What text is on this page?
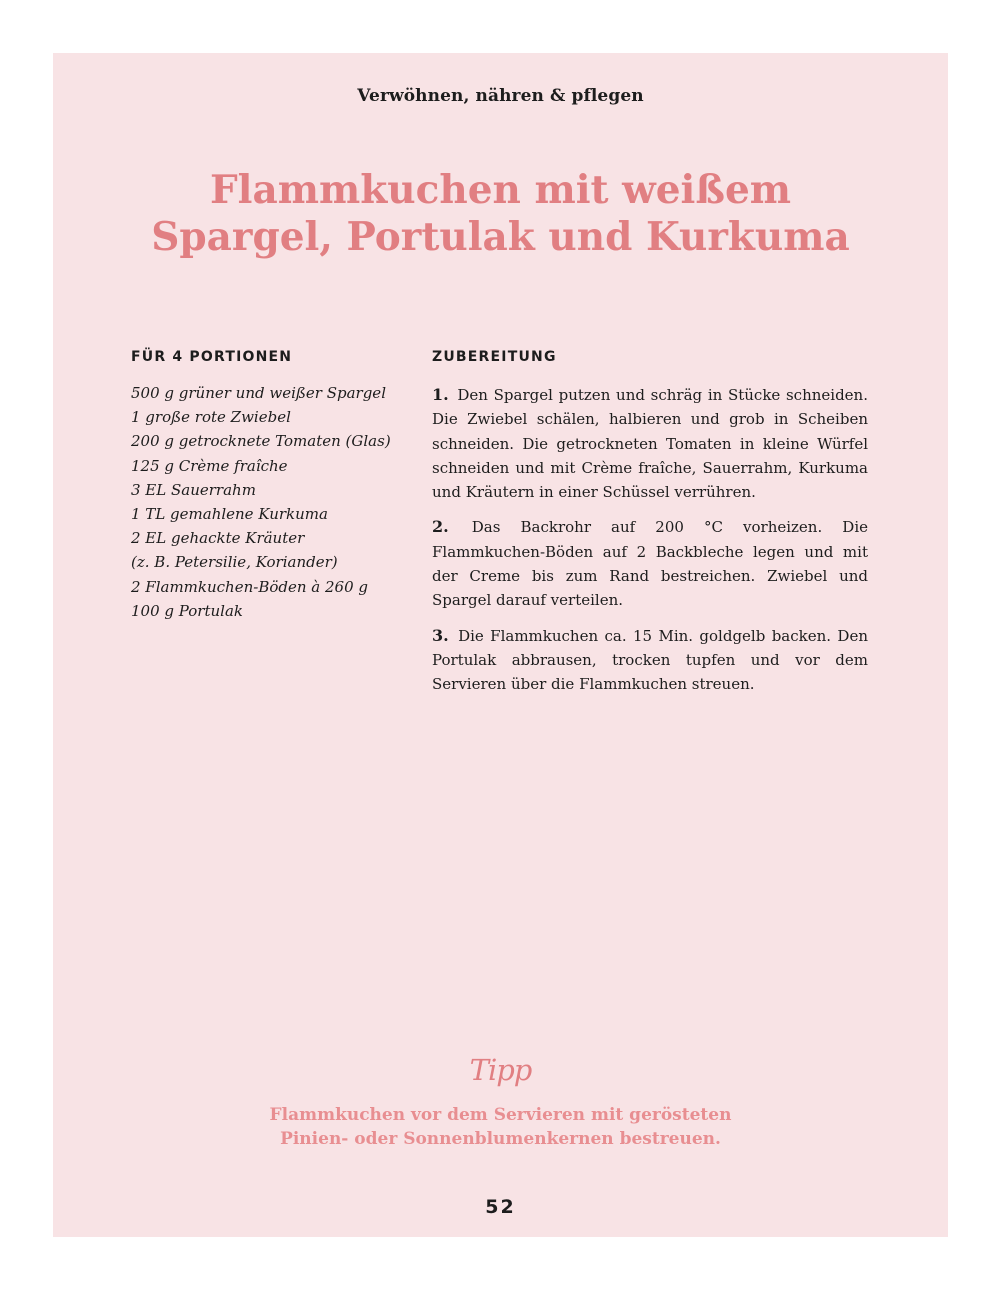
Verwöhnen, nähren & pflegen
Flammkuchen mit weißem
Spargel, Portulak und Kurkuma
FÜR 4 PORTIONEN	ZUBEREITUNG
500 g grüner und weißer Spargel
1 große rote Zwiebel
200 g getrocknete Tomaten (Glas)
125 g Crème fraîche
3 EL Sauerrahm
1 TL gemahlene Kurkuma
2 EL gehackte Kräuter
(z. B. Petersilie, Koriander)
2 Flammkuchen-Böden à 260 g
100 g Portulak

1. Den Spargel putzen und schräg in Stücke schneiden. Die Zwiebel schälen, halbieren und grob in Scheiben schneiden. Die getrockneten Tomaten in kleine Würfel schneiden und mit Crème fraîche, Sauerrahm, Kurkuma und Kräutern in einer Schüssel verrühren.

2. Das Backrohr auf 200 °C vorheizen. Die Flammkuchen-Böden auf 2 Backbleche legen und mit der Creme bis zum Rand bestreichen. Zwiebel und Spargel darauf verteilen.

3. Die Flammkuchen ca. 15 Min. goldgelb backen. Den Portulak abbrausen, trocken tupfen und vor dem Servieren über die Flammkuchen streuen.

Tipp
Flammkuchen vor dem Servieren mit gerösteten
Pinien- oder Sonnenblumenkernen bestreuen.
52
